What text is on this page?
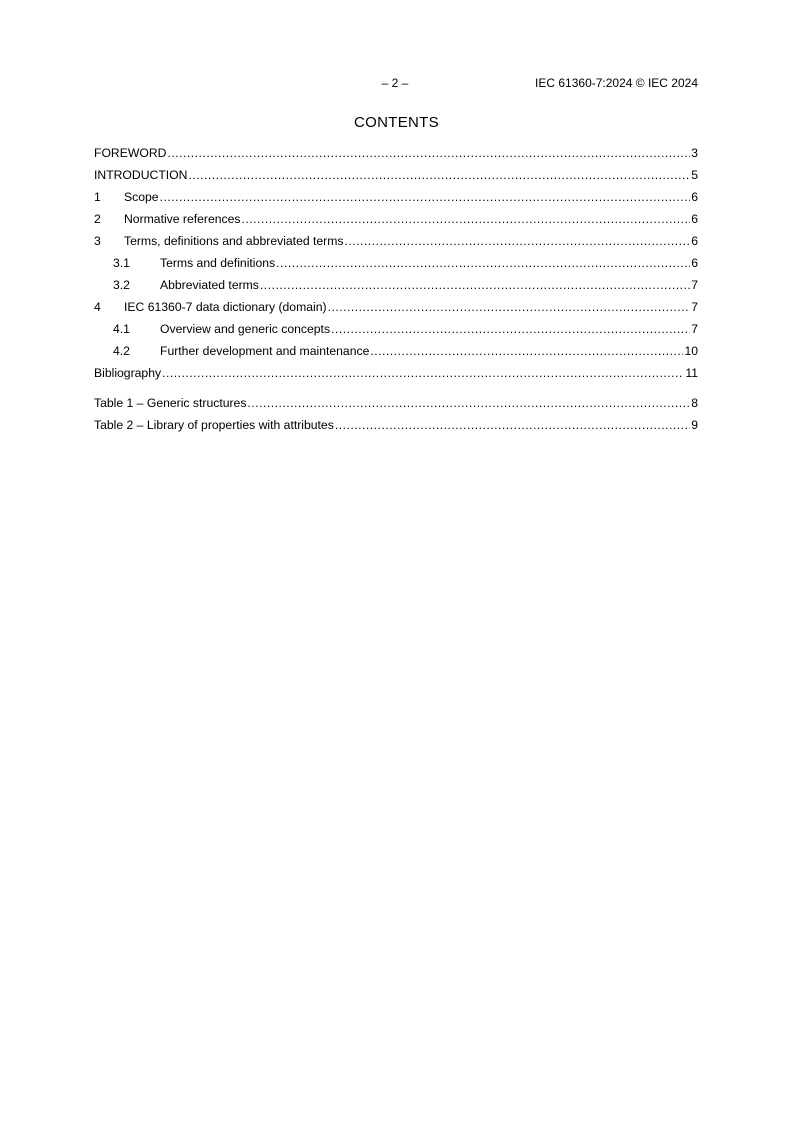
– 2 –	IEC 61360-7:2024 © IEC 2024
CONTENTS
FOREWORD .....	3
INTRODUCTION .....	5
1	Scope .....	6
2	Normative references .....	6
3	Terms, definitions and abbreviated terms .....	6
3.1	Terms and definitions .....	6
3.2	Abbreviated terms .....	7
4	IEC 61360-7 data dictionary (domain) .....	7
4.1	Overview and generic concepts .....	7
4.2	Further development and maintenance .....	10
Bibliography .....	11
Table 1 – Generic structures .....	8
Table 2 – Library of properties with attributes .....	9
